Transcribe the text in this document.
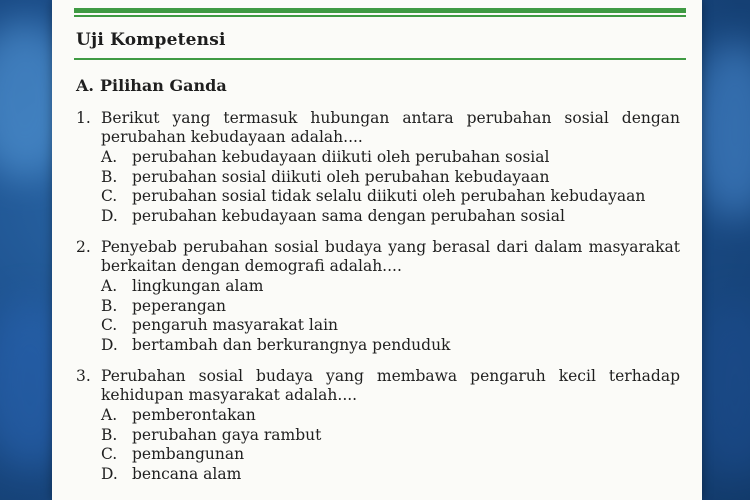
Uji Kompetensi
A. Pilihan Ganda
1. Berikut yang termasuk hubungan antara perubahan sosial dengan perubahan kebudayaan adalah....
A. perubahan kebudayaan diikuti oleh perubahan sosial
B. perubahan sosial diikuti oleh perubahan kebudayaan
C. perubahan sosial tidak selalu diikuti oleh perubahan kebudayaan
D. perubahan kebudayaan sama dengan perubahan sosial
2. Penyebab perubahan sosial budaya yang berasal dari dalam masyarakat berkaitan dengan demografi adalah....
A. lingkungan alam
B. peperangan
C. pengaruh masyarakat lain
D. bertambah dan berkurangnya penduduk
3. Perubahan sosial budaya yang membawa pengaruh kecil terhadap kehidupan masyarakat adalah....
A. pemberontakan
B. perubahan gaya rambut
C. pembangunan
D. bencana alam
